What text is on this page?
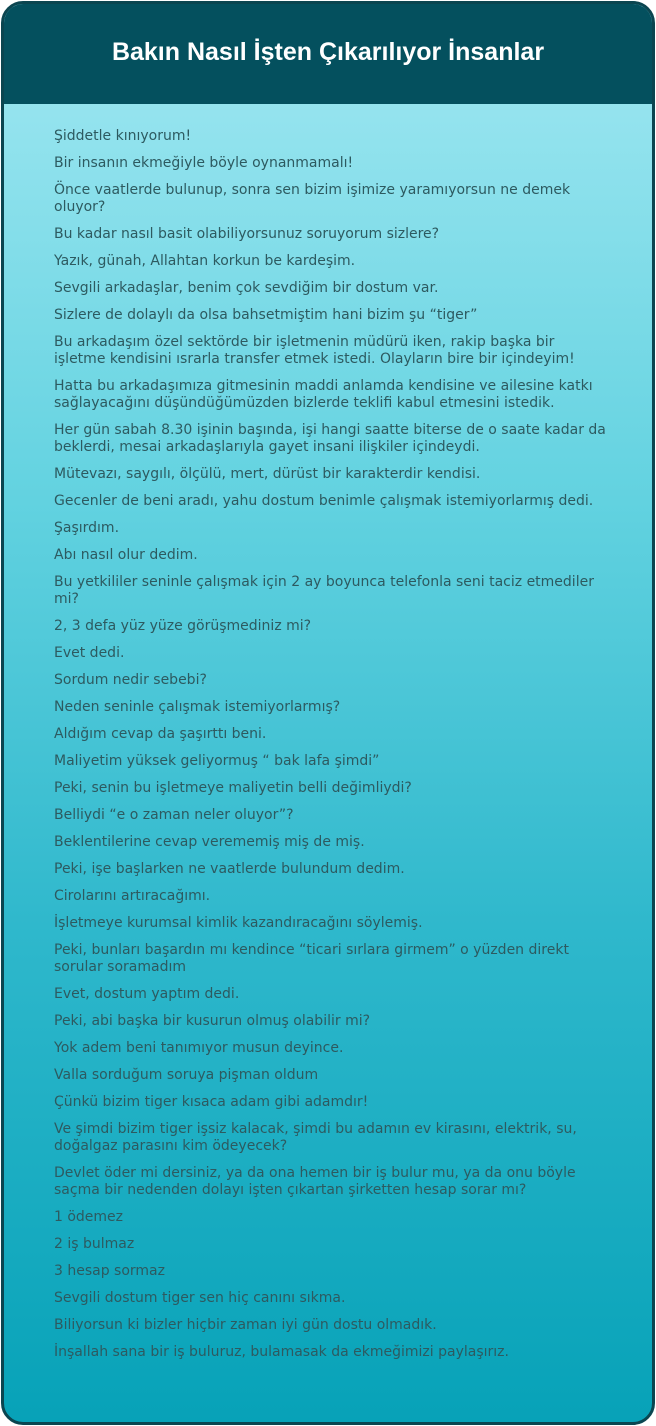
Bakın Nasıl İşten Çıkarılıyor İnsanlar

Şiddetle kınıyorum!

Bir insanın ekmeğiyle böyle oynanmamalı!

Önce vaatlerde bulunup, sonra sen bizim işimize yaramıyorsun ne demek oluyor?

Bu kadar nasıl basit olabiliyorsunuz soruyorum sizlere?

Yazık, günah, Allahtan korkun be kardeşim.

Sevgili arkadaşlar, benim çok sevdiğim bir dostum var.

Sizlere de dolaylı da olsa bahsetmiştim hani bizim şu “tiger”

Bu arkadaşım özel sektörde bir işletmenin müdürü iken, rakip başka bir işletme kendisini ısrarla transfer etmek istedi. Olayların bire bir içindeyim!

Hatta bu arkadaşımıza gitmesinin maddi anlamda kendisine ve ailesine katkı sağlayacağını düşündüğümüzden bizlerde teklifi kabul etmesini istedik.

Her gün sabah 8.30 işinin başında, işi hangi saatte biterse de o saate kadar da beklerdi, mesai arkadaşlarıyla gayet insani ilişkiler içindeydi.

Mütevazı, saygılı, ölçülü, mert, dürüst bir karakterdir kendisi.

Gecenler de beni aradı, yahu dostum benimle çalışmak istemiyorlarmış dedi.

Şaşırdım.

Abı nasıl olur dedim.

Bu yetkililer seninle çalışmak için 2 ay boyunca telefonla seni taciz etmediler mi?

2, 3 defa yüz yüze görüşmediniz mi?

Evet dedi.

Sordum nedir sebebi?

Neden seninle çalışmak istemiyorlarmış?

Aldığım cevap da şaşırttı beni.

Maliyetim yüksek geliyormuş “ bak lafa şimdi”

Peki, senin bu işletmeye maliyetin belli değimliydi?

Belliydi “e o zaman neler oluyor”?

Beklentilerine cevap verememiş miş de miş.

Peki, işe başlarken ne vaatlerde bulundum dedim.

Cirolarını artıracağımı.

İşletmeye kurumsal kimlik kazandıracağını söylemiş.

Peki, bunları başardın mı kendince “ticari sırlara girmem” o yüzden direkt sorular soramadım

Evet, dostum yaptım dedi.

Peki, abi başka bir kusurun olmuş olabilir mi?

Yok adem beni tanımıyor musun deyince.

Valla sorduğum soruya pişman oldum

Çünkü bizim tiger kısaca adam gibi adamdır!

Ve şimdi bizim tiger işsiz kalacak, şimdi bu adamın ev kirasını, elektrik, su, doğalgaz parasını kim ödeyecek?

Devlet öder mi dersiniz, ya da ona hemen bir iş bulur mu, ya da onu böyle saçma bir nedenden dolayı işten çıkartan şirketten hesap sorar mı?

1 ödemez

2 iş bulmaz

3 hesap sormaz

Sevgili dostum tiger sen hiç canını sıkma.

Biliyorsun ki bizler hiçbir zaman iyi gün dostu olmadık.

İnşallah sana bir iş buluruz, bulamasak da ekmeğimizi paylaşırız.
